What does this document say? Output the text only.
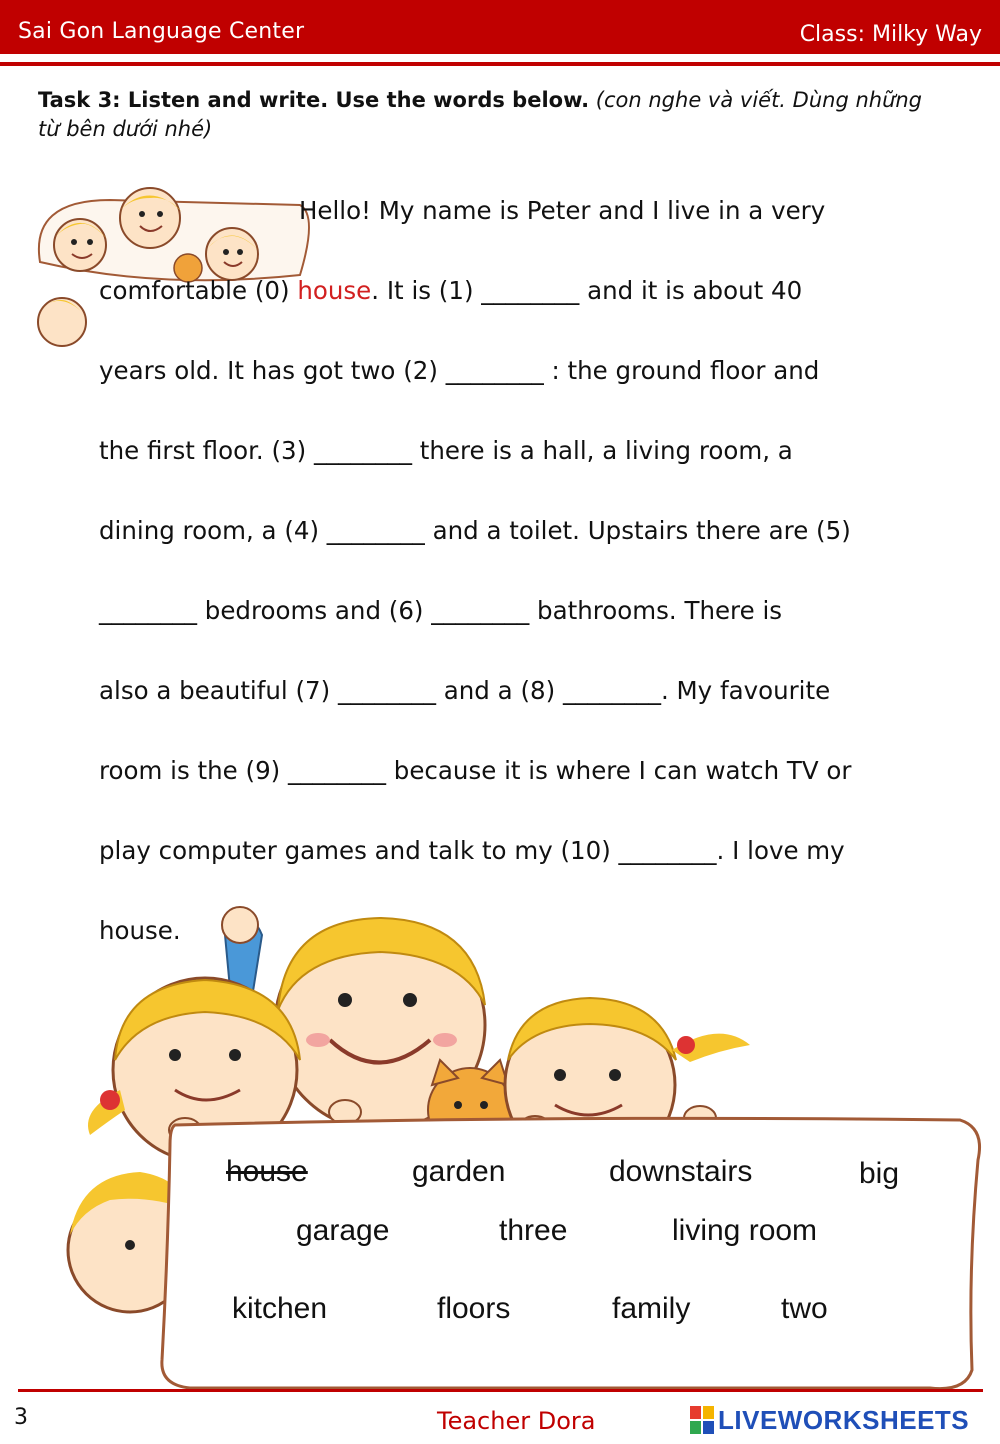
Sai Gon Language Center	Class: Milky Way
Task 3: Listen and write. Use the words below. (con nghe và viết. Dùng những từ bên dưới nhé)
Hello! My name is Peter and I live in a very
comfortable (0) house. It is (1) ________ and it is about 40
years old. It has got two (2) ________ : the ground floor and
the first floor. (3) ________ there is a hall, a living room, a
dining room, a (4) ________ and a toilet. Upstairs there are (5)
________ bedrooms and (6) ________ bathrooms. There is
also a beautiful (7) ________ and a (8) ________. My favourite
room is the (9) ________ because it is where I can watch TV or
play computer games and talk to my (10) ________. I love my
house.
house	garden	downstairs	big
garage	three	living room
kitchen	floors	family	two
3	Teacher Dora	LIVEWORKSHEETS
